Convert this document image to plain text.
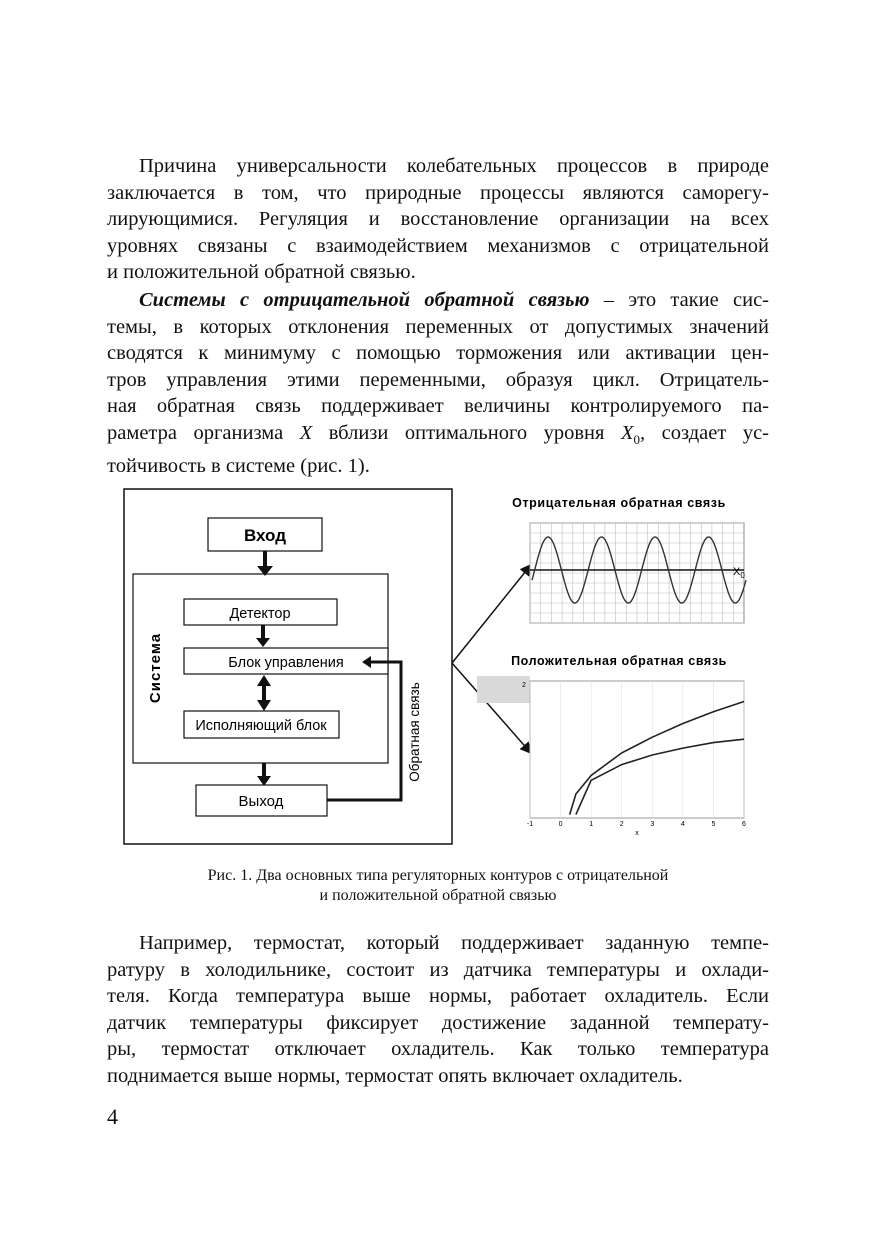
Причина универсальности колебательных процессов в природе
заключается в том, что природные процессы являются саморегу-
лирующимися. Регуляция и восстановление организации на всех
уровнях связаны с взаимодействием механизмов с отрицательной
и положительной обратной связью.
Системы с отрицательной обратной связью – это такие сис-
темы, в которых отклонения переменных от допустимых значений
сводятся к минимуму с помощью торможения или активации цен-
тров управления этими переменными, образуя цикл. Отрицатель-
ная обратная связь поддерживает величины контролируемого па-
раметра организма X вблизи оптимального уровня $X_0$, создает ус-
тойчивость в системе (рис. 1).
Вход
Система
Детектор
Блок управления
Исполняющий блок
Выход
Обратная связь
Отрицательная обратная связь
$X_0$
Положительная обратная связь
-1	0	1	2	3	4	5	6
2
x
Рис. 1. Два основных типа регуляторных контуров с отрицательной
и положительной обратной связью
Например, термостат, который поддерживает заданную темпе-
ратуру в холодильнике, состоит из датчика температуры и охлади-
теля. Когда температура выше нормы, работает охладитель. Если
датчик температуры фиксирует достижение заданной температу-
ры, термостат отключает охладитель. Как только температура
поднимается выше нормы, термостат опять включает охладитель.
4
